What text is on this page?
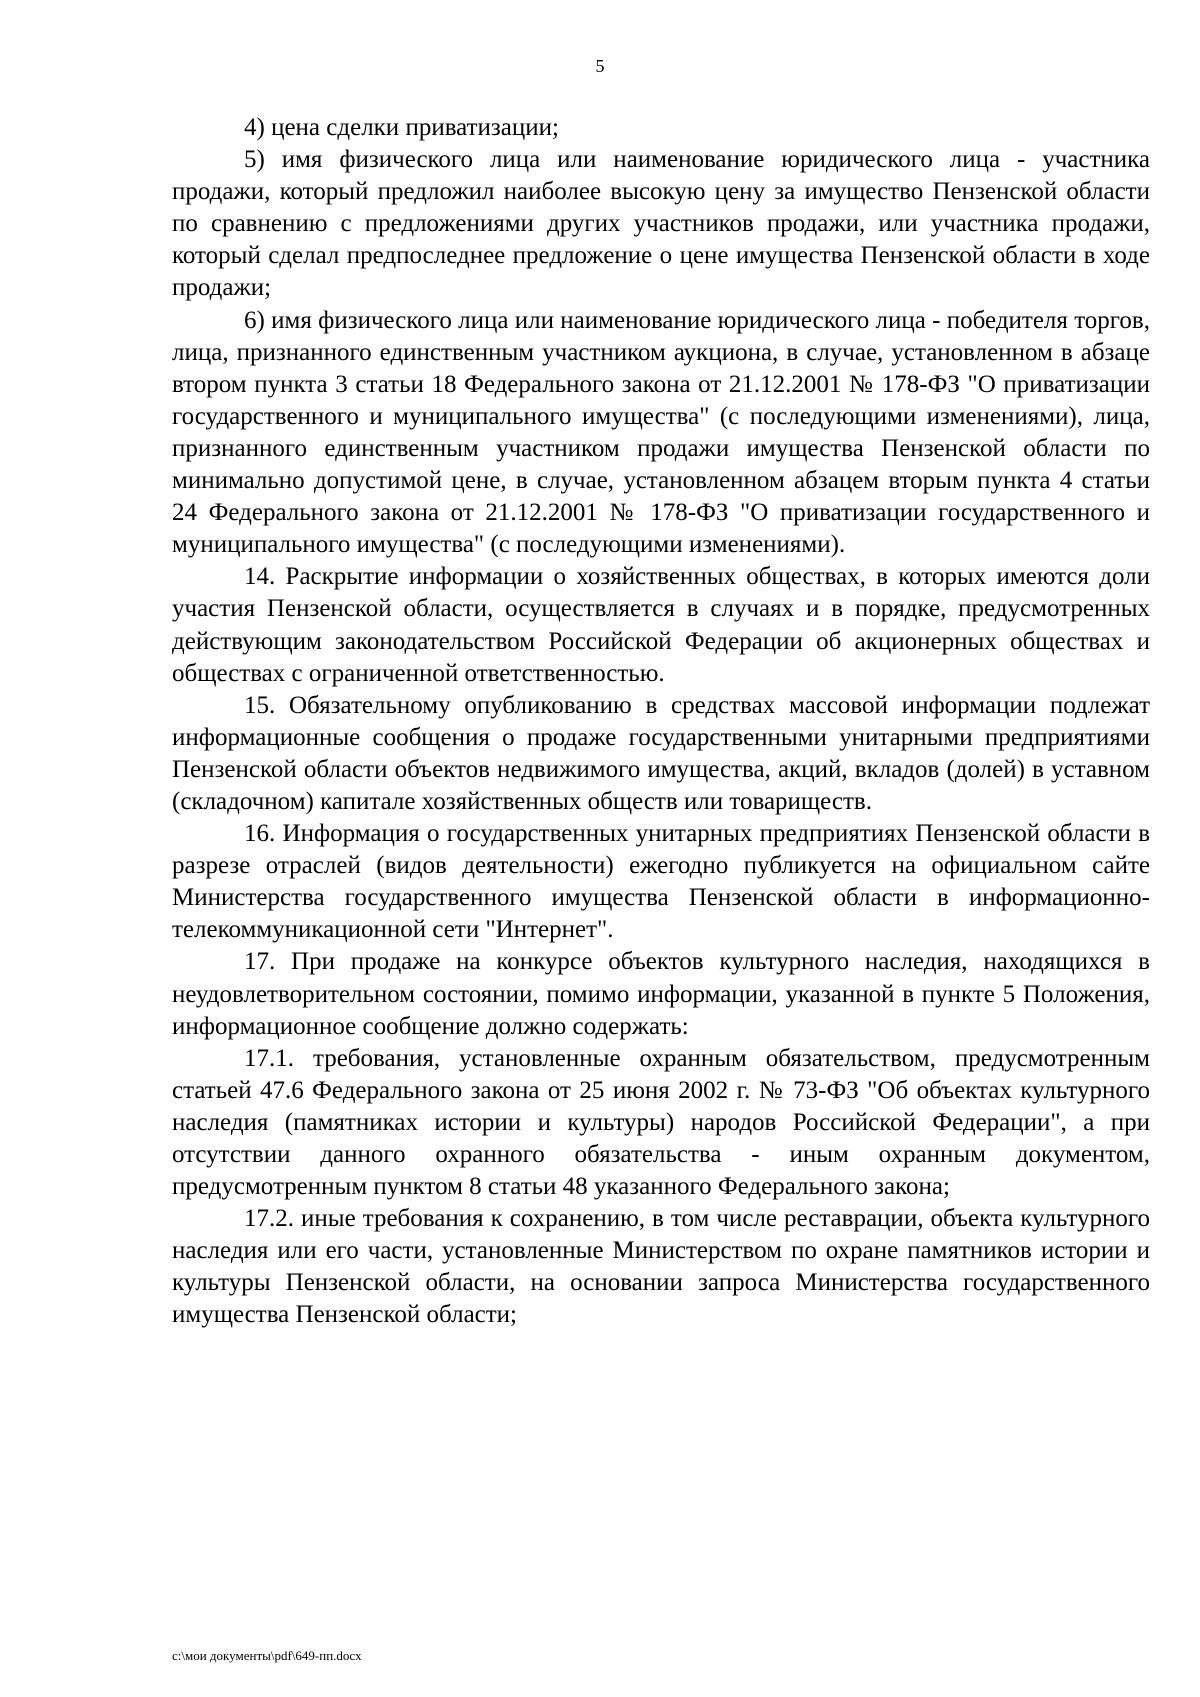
5

4) цена сделки приватизации;

5) имя физического лица или наименование юридического лица - участника продажи, который предложил наиболее высокую цену за имущество Пензенской области по сравнению с предложениями других участников продажи, или участника продажи, который сделал предпоследнее предложение о цене имущества Пензенской области в ходе продажи;

6) имя физического лица или наименование юридического лица - победителя торгов, лица, признанного единственным участником аукциона, в случае, установленном в абзаце втором пункта 3 статьи 18 Федерального закона от 21.12.2001 № 178-ФЗ "О приватизации государственного и муниципального имущества" (с последующими изменениями), лица, признанного единственным участником продажи имущества Пензенской области по минимально допустимой цене, в случае, установленном абзацем вторым пункта 4 статьи 24 Федерального закона от 21.12.2001 № 178-ФЗ "О приватизации государственного и муниципального имущества" (с последующими изменениями).

14. Раскрытие информации о хозяйственных обществах, в которых имеются доли участия Пензенской области, осуществляется в случаях и в порядке, предусмотренных действующим законодательством Российской Федерации об акционерных обществах и обществах с ограниченной ответственностью.

15. Обязательному опубликованию в средствах массовой информации подлежат информационные сообщения о продаже государственными унитарными предприятиями Пензенской области объектов недвижимого имущества, акций, вкладов (долей) в уставном (складочном) капитале хозяйственных обществ или товариществ.

16. Информация о государственных унитарных предприятиях Пензенской области в разрезе отраслей (видов деятельности) ежегодно публикуется на официальном сайте Министерства государственного имущества Пензенской области в информационно-телекоммуникационной сети "Интернет".

17. При продаже на конкурсе объектов культурного наследия, находящихся в неудовлетворительном состоянии, помимо информации, указанной в пункте 5 Положения, информационное сообщение должно содержать:

17.1. требования, установленные охранным обязательством, предусмотренным статьей 47.6 Федерального закона от 25 июня 2002 г. № 73-ФЗ "Об объектах культурного наследия (памятниках истории и культуры) народов Российской Федерации", а при отсутствии данного охранного обязательства - иным охранным документом, предусмотренным пунктом 8 статьи 48 указанного Федерального закона;

17.2. иные требования к сохранению, в том числе реставрации, объекта культурного наследия или его части, установленные Министерством по охране памятников истории и культуры Пензенской области, на основании запроса Министерства государственного имущества Пензенской области;

c:\мои документы\pdf\649-пп.docx
